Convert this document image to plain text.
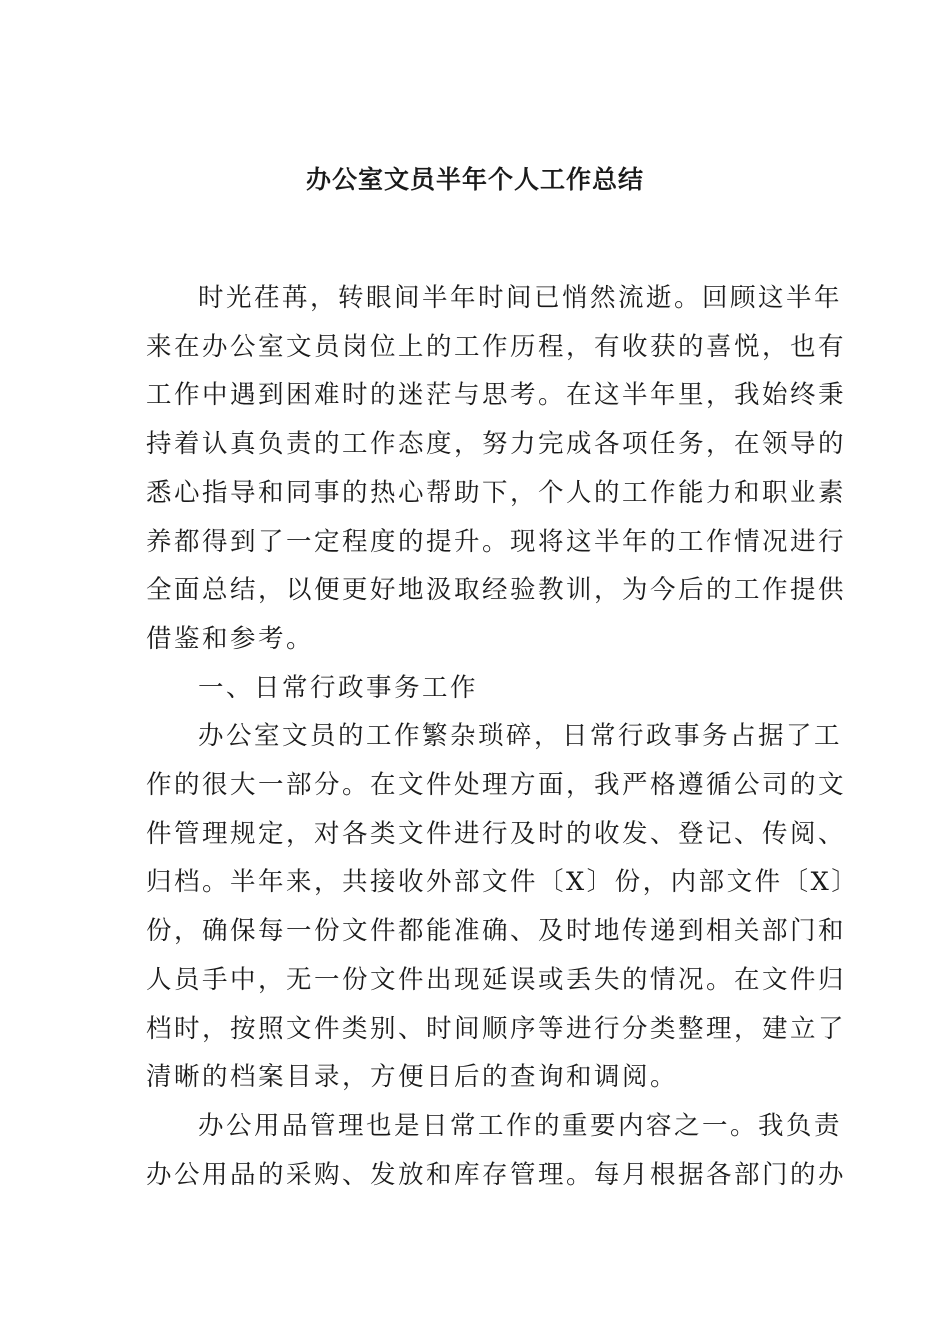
办公室文员半年个人工作总结

时光荏苒，转眼间半年时间已悄然流逝。回顾这半年
来在办公室文员岗位上的工作历程，有收获的喜悦，也有
工作中遇到困难时的迷茫与思考。在这半年里，我始终秉
持着认真负责的工作态度，努力完成各项任务，在领导的
悉心指导和同事的热心帮助下，个人的工作能力和职业素
养都得到了一定程度的提升。现将这半年的工作情况进行
全面总结，以便更好地汲取经验教训，为今后的工作提供
借鉴和参考。

一、日常行政事务工作

办公室文员的工作繁杂琐碎，日常行政事务占据了工
作的很大一部分。在文件处理方面，我严格遵循公司的文
件管理规定，对各类文件进行及时的收发、登记、传阅、
归档。半年来，共接收外部文件〔X〕份，内部文件〔X〕
份，确保每一份文件都能准确、及时地传递到相关部门和
人员手中，无一份文件出现延误或丢失的情况。在文件归
档时，按照文件类别、时间顺序等进行分类整理，建立了
清晰的档案目录，方便日后的查询和调阅。

办公用品管理也是日常工作的重要内容之一。我负责
办公用品的采购、发放和库存管理。每月根据各部门的办
